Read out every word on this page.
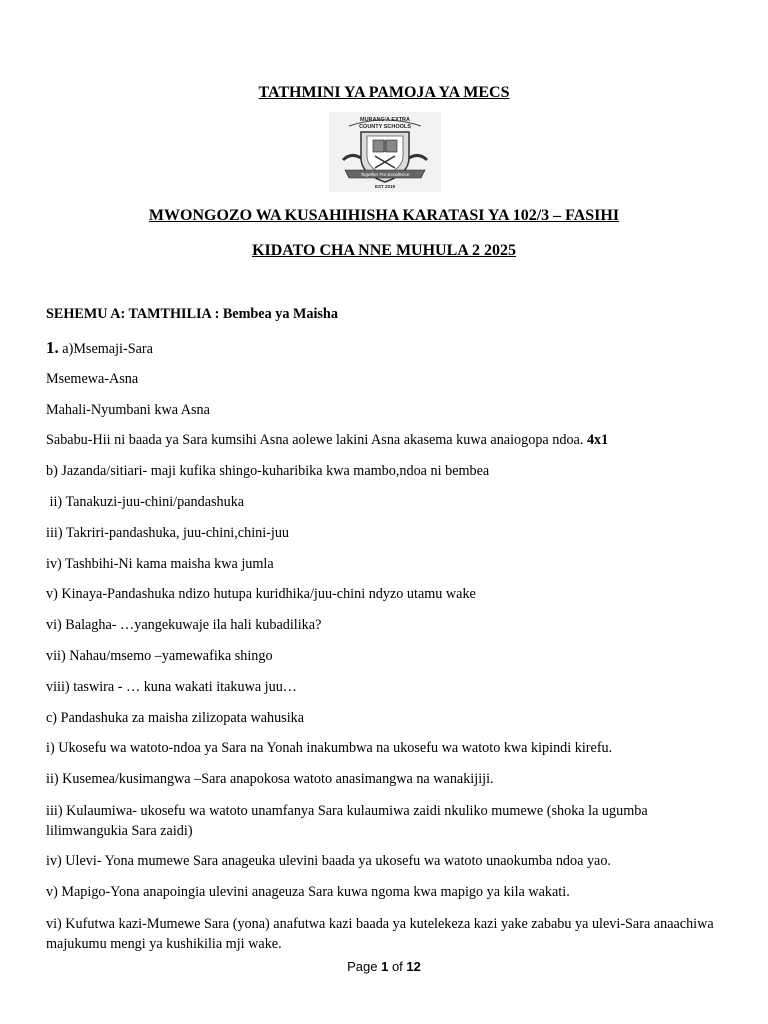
TATHMINI YA PAMOJA YA MECS
MURANG'A EXTRA
COUNTY SCHOOLS
Together For Excellence
EST 2019
MWONGOZO WA KUSAHIHISHA KARATASI YA 102/3 – FASIHI
KIDATO CHA NNE MUHULA 2 2025
SEHEMU A: TAMTHILIA : Bembea ya Maisha
1. a)Msemaji-Sara
Msemewa-Asna
Mahali-Nyumbani kwa Asna
Sababu-Hii ni baada ya Sara kumsihi Asna aolewe lakini Asna akasema kuwa anaiogopa ndoa. 4x1
b) Jazanda/sitiari- maji kufika shingo-kuharibika kwa mambo,ndoa ni bembea
ii) Tanakuzi-juu-chini/pandashuka
iii) Takriri-pandashuka, juu-chini,chini-juu
iv) Tashbihi-Ni kama maisha kwa jumla
v) Kinaya-Pandashuka ndizo hutupa kuridhika/juu-chini ndyzo utamu wake
vi) Balagha- …yangekuwaje ila hali kubadilika?
vii) Nahau/msemo –yamewafika shingo
viii) taswira - … kuna wakati itakuwa juu…
c) Pandashuka za maisha zilizopata wahusika
i) Ukosefu wa watoto-ndoa ya Sara na Yonah inakumbwa na ukosefu wa watoto kwa kipindi kirefu.
ii) Kusemea/kusimangwa –Sara anapokosa watoto anasimangwa na wanakijiji.
iii) Kulaumiwa- ukosefu wa watoto unamfanya Sara kulaumiwa zaidi nkuliko mumewe (shoka la ugumba lilimwangukia Sara zaidi)
iv) Ulevi- Yona mumewe Sara anageuka ulevini baada ya ukosefu wa watoto unaokumba ndoa yao.
v) Mapigo-Yona anapoingia ulevini anageuza Sara kuwa ngoma kwa mapigo ya kila wakati.
vi) Kufutwa kazi-Mumewe Sara (yona) anafutwa kazi baada ya kutelekeza kazi yake zababu ya ulevi-Sara anaachiwa majukumu mengi ya kushikilia mji wake.
Page 1 of 12
